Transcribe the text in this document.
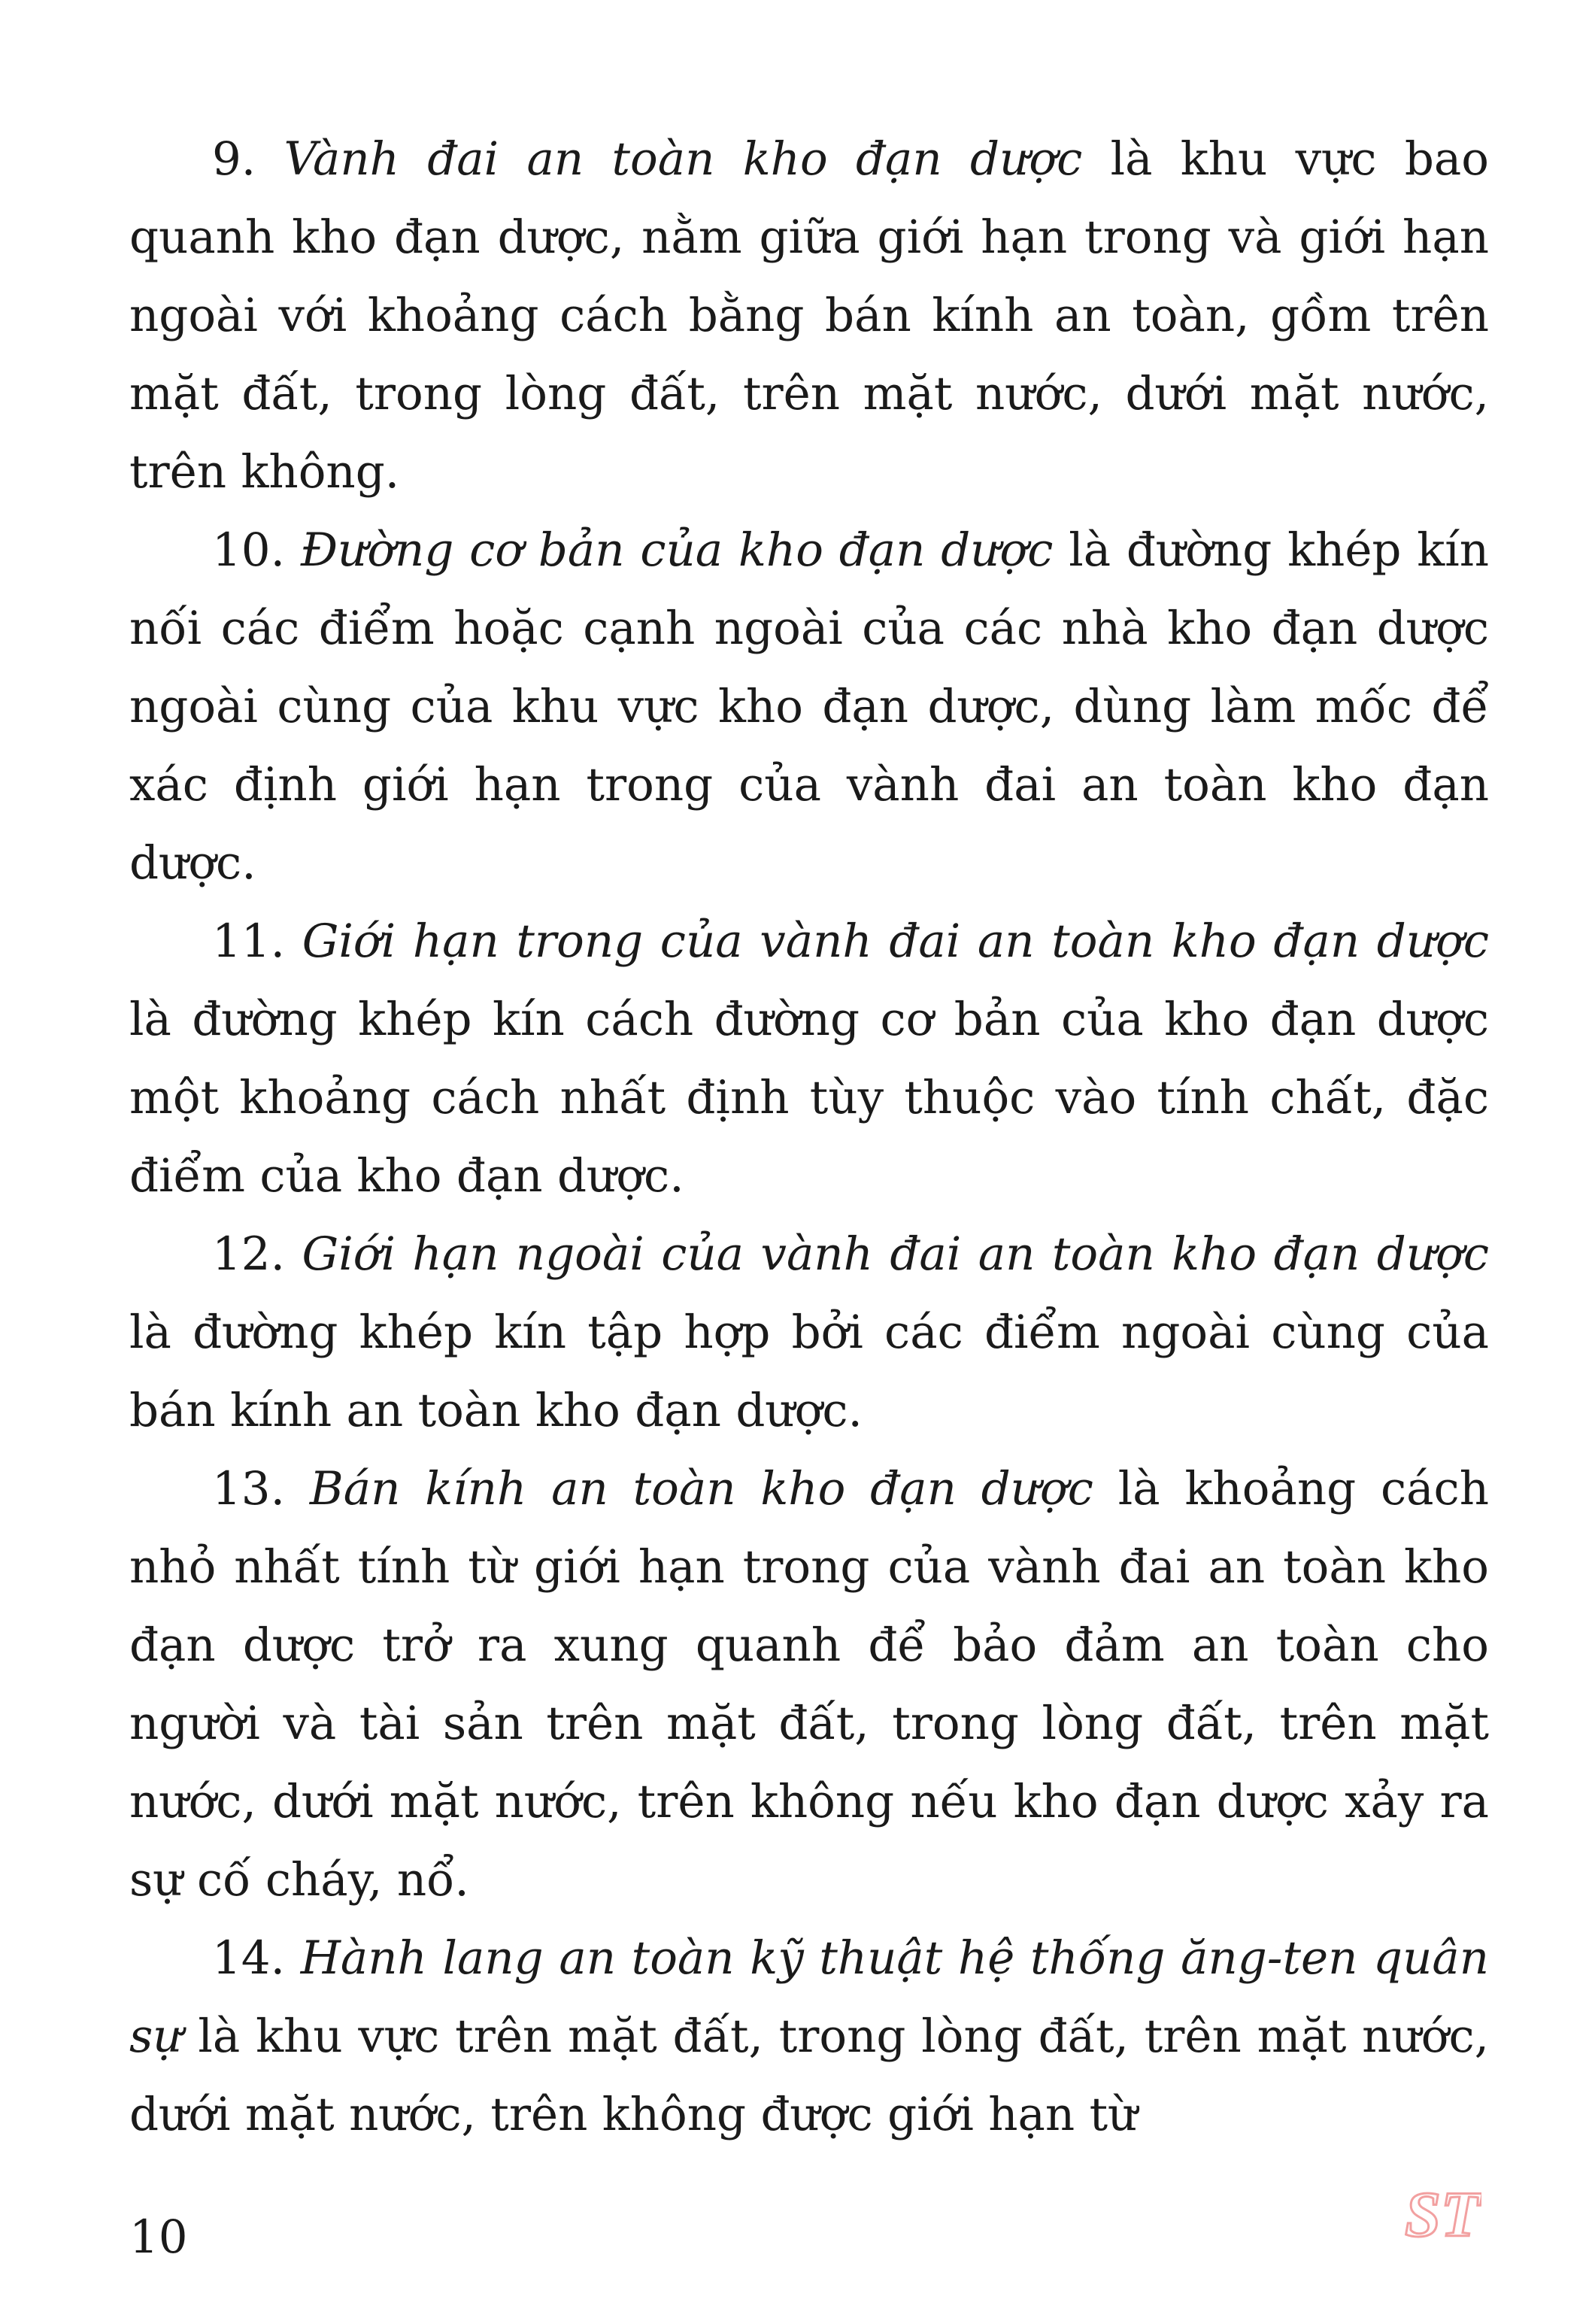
9. Vành đai an toàn kho đạn dược là khu vực bao quanh kho đạn dược, nằm giữa giới hạn trong và giới hạn ngoài với khoảng cách bằng bán kính an toàn, gồm trên mặt đất, trong lòng đất, trên mặt nước, dưới mặt nước, trên không.

10. Đường cơ bản của kho đạn dược là đường khép kín nối các điểm hoặc cạnh ngoài của các nhà kho đạn dược ngoài cùng của khu vực kho đạn dược, dùng làm mốc để xác định giới hạn trong của vành đai an toàn kho đạn dược.

11. Giới hạn trong của vành đai an toàn kho đạn dược là đường khép kín cách đường cơ bản của kho đạn dược một khoảng cách nhất định tùy thuộc vào tính chất, đặc điểm của kho đạn dược.

12. Giới hạn ngoài của vành đai an toàn kho đạn dược là đường khép kín tập hợp bởi các điểm ngoài cùng của bán kính an toàn kho đạn dược.

13. Bán kính an toàn kho đạn dược là khoảng cách nhỏ nhất tính từ giới hạn trong của vành đai an toàn kho đạn dược trở ra xung quanh để bảo đảm an toàn cho người và tài sản trên mặt đất, trong lòng đất, trên mặt nước, dưới mặt nước, trên không nếu kho đạn dược xảy ra sự cố cháy, nổ.

14. Hành lang an toàn kỹ thuật hệ thống ăng-ten quân sự là khu vực trên mặt đất, trong lòng đất, trên mặt nước, dưới mặt nước, trên không được giới hạn từ

10	ST
